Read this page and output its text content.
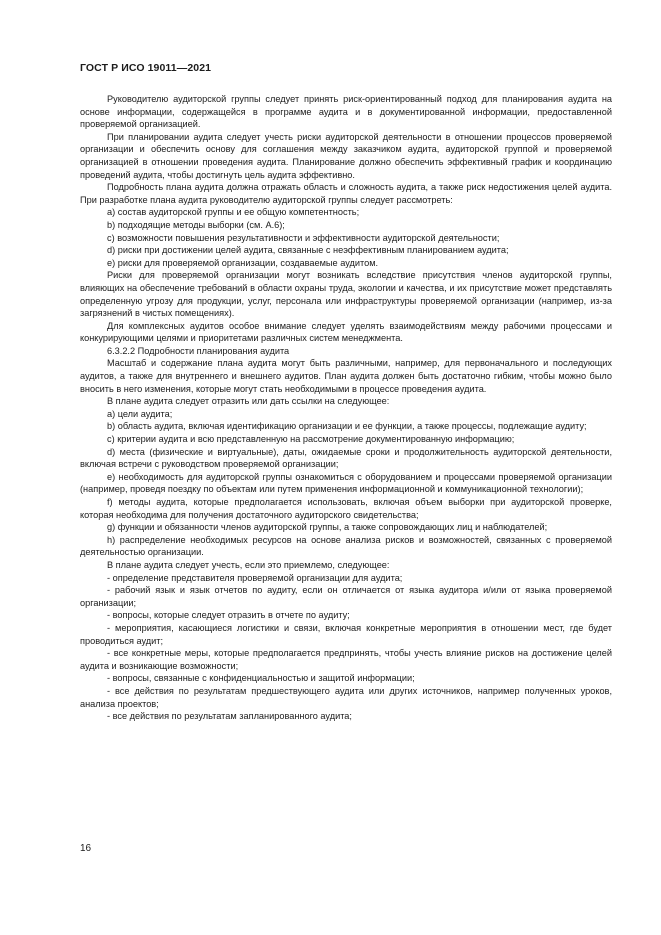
ГОСТ Р ИСО 19011—2021

Руководителю аудиторской группы следует принять риск-ориентированный подход для планирования аудита на основе информации, содержащейся в программе аудита и в документированной информации, предоставленной проверяемой организацией.

При планировании аудита следует учесть риски аудиторской деятельности в отношении процессов проверяемой организации и обеспечить основу для соглашения между заказчиком аудита, аудиторской группой и проверяемой организацией в отношении проведения аудита. Планирование должно обеспечить эффективный график и координацию проведений аудита, чтобы достигнуть цель аудита эффективно.

Подробность плана аудита должна отражать область и сложность аудита, а также риск недостижения целей аудита. При разработке плана аудита руководителю аудиторской группы следует рассмотреть:

a) состав аудиторской группы и ее общую компетентность;

b) подходящие методы выборки (см. А.6);

c) возможности повышения результативности и эффективности аудиторской деятельности;

d) риски при достижении целей аудита, связанные с неэффективным планированием аудита;

e) риски для проверяемой организации, создаваемые аудитом.

Риски для проверяемой организации могут возникать вследствие присутствия членов аудиторской группы, влияющих на обеспечение требований в области охраны труда, экологии и качества, и их присутствие может представлять определенную угрозу для продукции, услуг, персонала или инфраструктуры проверяемой организации (например, из-за загрязнений в чистых помещениях).

Для комплексных аудитов особое внимание следует уделять взаимодействиям между рабочими процессами и конкурирующими целями и приоритетами различных систем менеджмента.

6.3.2.2 Подробности планирования аудита

Масштаб и содержание плана аудита могут быть различными, например, для первоначального и последующих аудитов, а также для внутреннего и внешнего аудитов. План аудита должен быть достаточно гибким, чтобы можно было вносить в него изменения, которые могут стать необходимыми в процессе проведения аудита.

В плане аудита следует отразить или дать ссылки на следующее:

a) цели аудита;

b) область аудита, включая идентификацию организации и ее функции, а также процессы, подлежащие аудиту;

c) критерии аудита и всю представленную на рассмотрение документированную информацию;

d) места (физические и виртуальные), даты, ожидаемые сроки и продолжительность аудиторской деятельности, включая встречи с руководством проверяемой организации;

e) необходимость для аудиторской группы ознакомиться с оборудованием и процессами проверяемой организации (например, проведя поездку по объектам или путем применения информационной и коммуникационной технологии);

f) методы аудита, которые предполагается использовать, включая объем выборки при аудиторской проверке, которая необходима для получения достаточного аудиторского свидетельства;

g) функции и обязанности членов аудиторской группы, а также сопровождающих лиц и наблюдателей;

h) распределение необходимых ресурсов на основе анализа рисков и возможностей, связанных с проверяемой деятельностью организации.

В плане аудита следует учесть, если это приемлемо, следующее:

- определение представителя проверяемой организации для аудита;

- рабочий язык и язык отчетов по аудиту, если он отличается от языка аудитора и/или от языка проверяемой организации;

- вопросы, которые следует отразить в отчете по аудиту;

- мероприятия, касающиеся логистики и связи, включая конкретные мероприятия в отношении мест, где будет проводиться аудит;

- все конкретные меры, которые предполагается предпринять, чтобы учесть влияние рисков на достижение целей аудита и возникающие возможности;

- вопросы, связанные с конфиденциальностью и защитой информации;

- все действия по результатам предшествующего аудита или других источников, например полученных уроков, анализа проектов;

- все действия по результатам запланированного аудита;

16
